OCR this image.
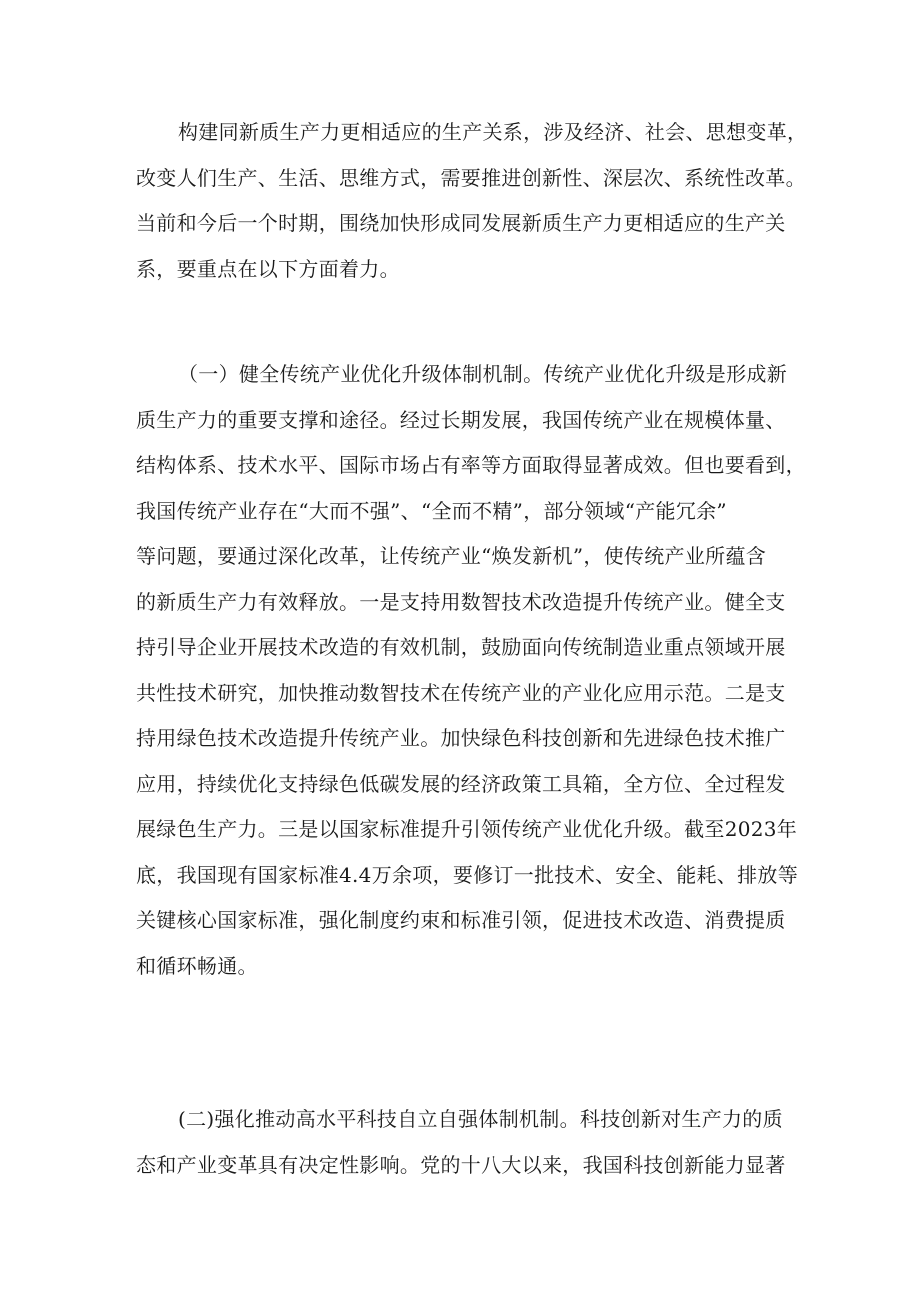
构建同新质生产力更相适应的生产关系，涉及经济、社会、思想变革，
改变人们生产、生活、思维方式，需要推进创新性、深层次、系统性改革。
当前和今后一个时期，围绕加快形成同发展新质生产力更相适应的生产关
系，要重点在以下方面着力。
（一）健全传统产业优化升级体制机制。传统产业优化升级是形成新
质生产力的重要支撑和途径。经过长期发展，我国传统产业在规模体量、
结构体系、技术水平、国际市场占有率等方面取得显著成效。但也要看到，
我国传统产业存在“大而不强”、“全而不精”，部分领域“产能冗余”
等问题，要通过深化改革，让传统产业“焕发新机”，使传统产业所蕴含
的新质生产力有效释放。一是支持用数智技术改造提升传统产业。健全支
持引导企业开展技术改造的有效机制，鼓励面向传统制造业重点领域开展
共性技术研究，加快推动数智技术在传统产业的产业化应用示范。二是支
持用绿色技术改造提升传统产业。加快绿色科技创新和先进绿色技术推广
应用，持续优化支持绿色低碳发展的经济政策工具箱，全方位、全过程发
展绿色生产力。三是以国家标准提升引领传统产业优化升级。截至2023年
底，我国现有国家标准4.4万余项，要修订一批技术、安全、能耗、排放等
关键核心国家标准，强化制度约束和标准引领，促进技术改造、消费提质
和循环畅通。
(二)强化推动高水平科技自立自强体制机制。科技创新对生产力的质
态和产业变革具有决定性影响。党的十八大以来，我国科技创新能力显著
